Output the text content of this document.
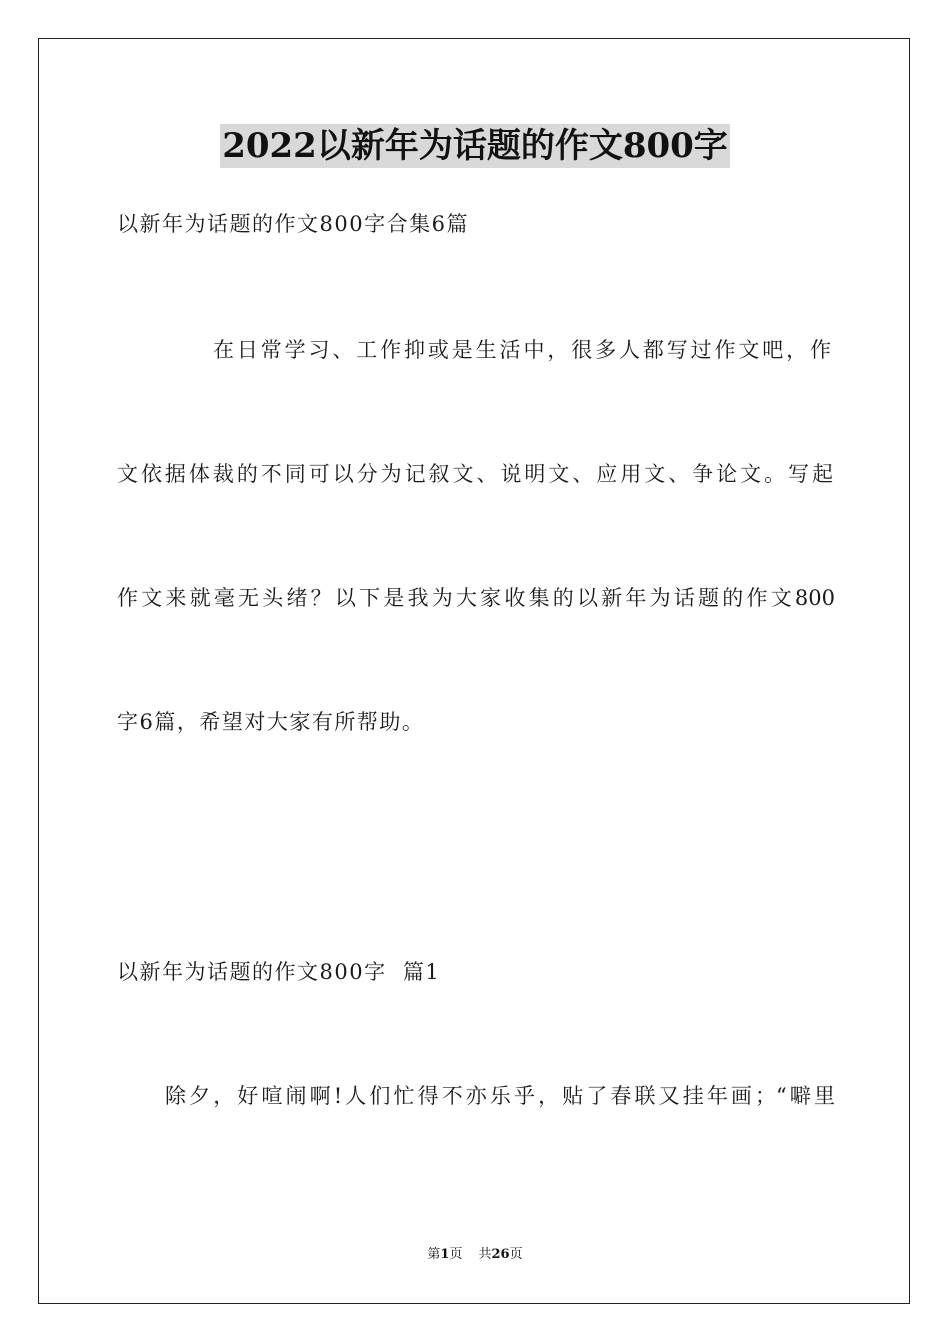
2022以新年为话题的作文800字
以新年为话题的作文800字合集6篇
在日常学习、工作抑或是生活中，很多人都写过作文吧，作
文依据体裁的不同可以分为记叙文、说明文、应用文、争论文。写起
作文来就毫无头绪？以下是我为大家收集的以新年为话题的作文800
字6篇，希望对大家有所帮助。
以新年为话题的作文800字  篇1
除夕，好喧闹啊!人们忙得不亦乐乎，贴了春联又挂年画；“噼里
第1页 共26页
